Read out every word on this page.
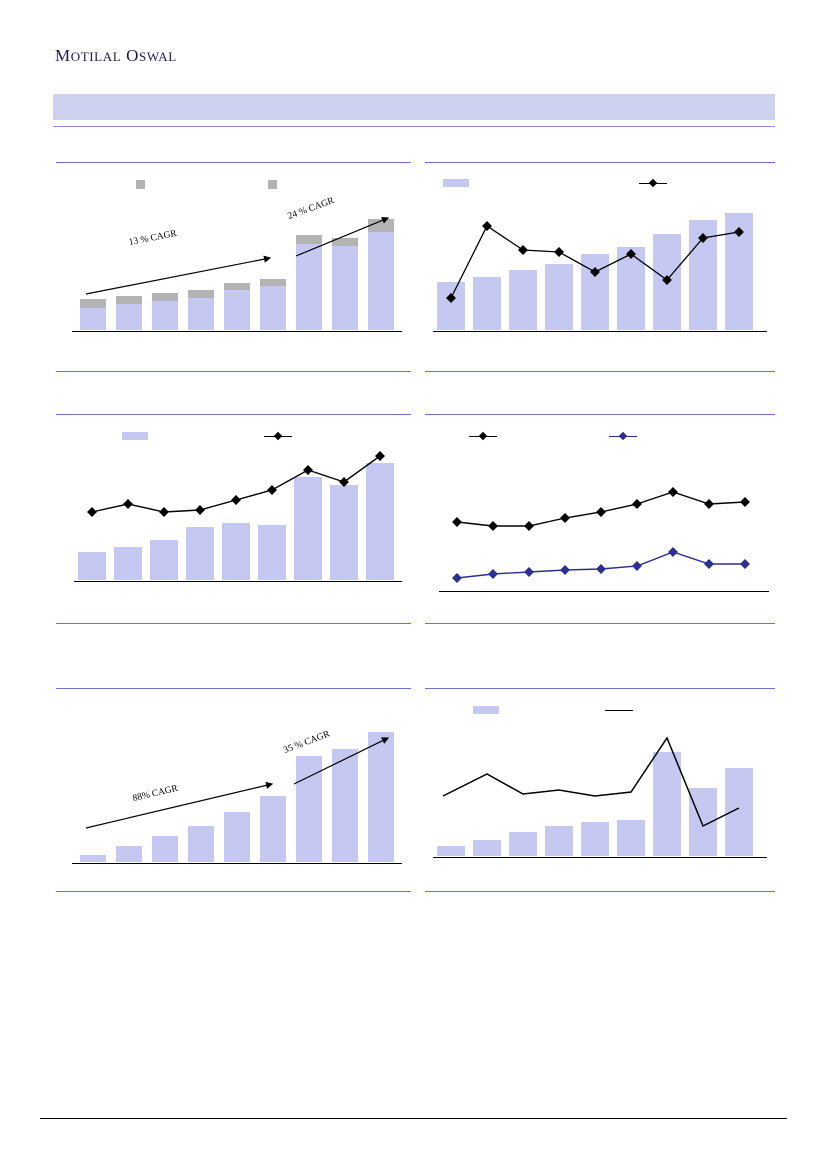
MOTILAL OSWAL
13 % CAGR
24 % CAGR
88% CAGR
35 % CAGR
